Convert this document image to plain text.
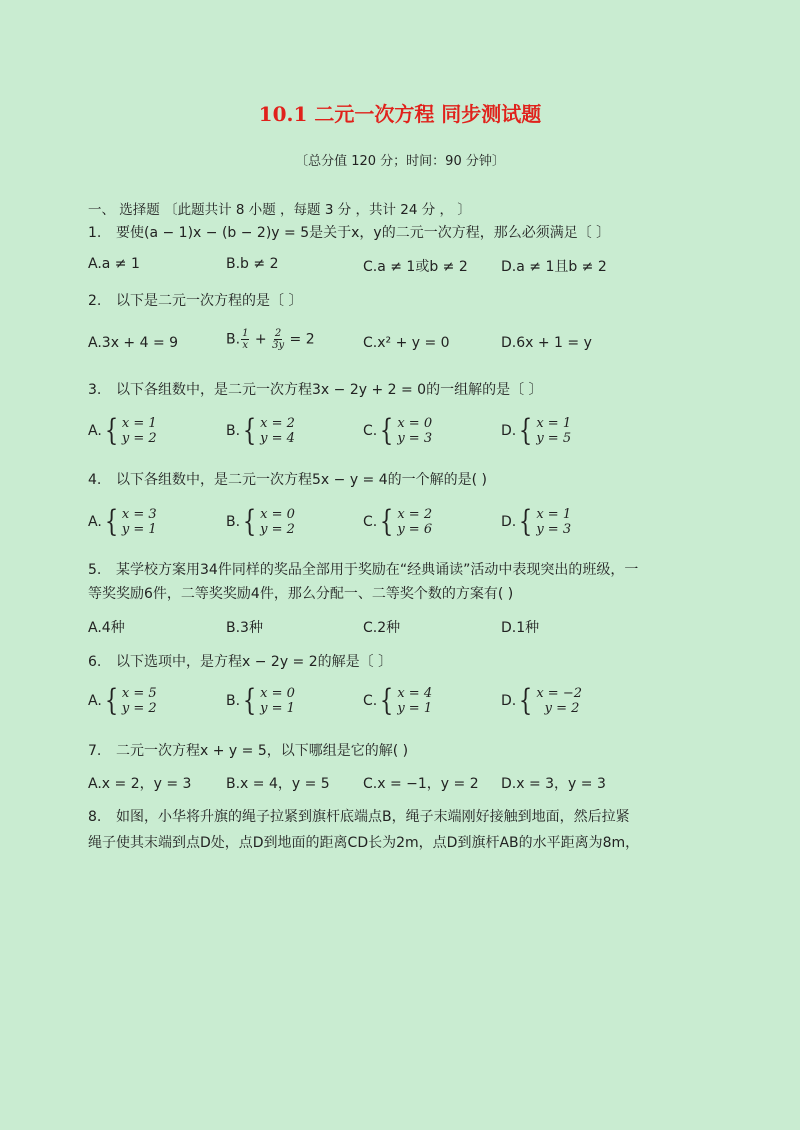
10.1 二元一次方程 同步测试题
〔总分值 120 分；时间：90 分钟〕
一、 选择题 〔此题共计 8 小题 ，每题 3 分 ，共计 24 分 ， 〕
1. 要使(a − 1)x − (b − 2)y = 5是关于x，y的二元一次方程，那么必须满足〔 〕
A.a ≠ 1	B.b ≠ 2	C.a ≠ 1或b ≠ 2 D.a ≠ 1且b ≠ 2
2. 以下是二元一次方程的是〔 〕
A.3x + 4 = 9	B. $\frac{1}{x} + \frac{2}{3y} = 2$	C.x² + y = 0	D.6x + 1 = y
3. 以下各组数中，是二元一次方程3x − 2y + 2 = 0的一组解的是〔 〕
A. { x = 1
y = 2	B. { x = 2
y = 4	C. { x = 0
y = 3	D. { x = 1
y = 5
4. 以下各组数中，是二元一次方程5x − y = 4的一个解的是( )
A. { x = 3
y = 1	B. { x = 0
y = 2	C. { x = 2
y = 6	D. { x = 1
y = 3
5. 某学校方案用34件同样的奖品全部用于奖励在“经典诵读”活动中表现突出的班级，一
等奖奖励6件，二等奖奖励4件，那么分配一、二等奖个数的方案有( )
A.4种	B.3种	C.2种	D.1种
6. 以下选项中，是方程x − 2y = 2的解是〔 〕
A. { x = 5
y = 2	B. { x = 0
y = 1	C. { x = 4
y = 1	D. { x = −2
y = 2
7. 二元一次方程x + y = 5，以下哪组是它的解( )
A.x = 2，y = 3 B.x = 4，y = 5 C.x = −1，y = 2 D.x = 3，y = 3
8. 如图，小华将升旗的绳子拉紧到旗杆底端点B，绳子末端刚好接触到地面，然后拉紧
绳子使其末端到点D处，点D到地面的距离CD长为2m，点D到旗杆AB的水平距离为8m，
